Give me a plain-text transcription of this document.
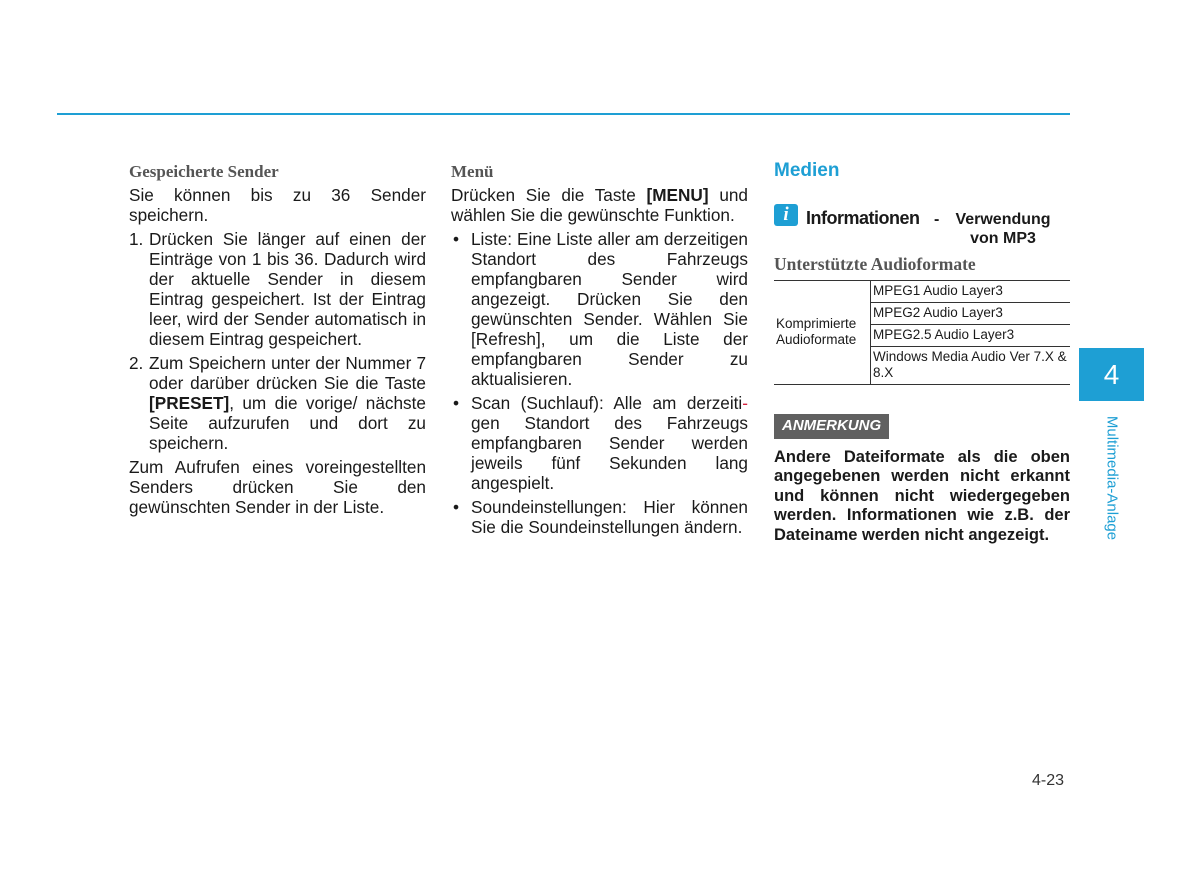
Gespeicherte Sender

Sie können bis zu 36 Sender speichern.

1. Drücken Sie länger auf einen der Einträge von 1 bis 36. Dadurch wird der aktuelle Sender in diesem Eintrag gespeichert. Ist der Eintrag leer, wird der Sender automatisch in diesem Eintrag gespeichert.
2. Zum Speichern unter der Nummer 7 oder darüber drücken Sie die Taste [PRESET], um die vorige/ nächste Seite aufzurufen und dort zu speichern.

Zum Aufrufen eines voreingestellten Senders drücken Sie den gewünschten Sender in der Liste.

Menü

Drücken Sie die Taste [MENU] und wählen Sie die gewünschte Funktion.

• Liste: Eine Liste aller am derzeitigen Standort des Fahrzeugs empfangbaren Sender wird angezeigt. Drücken Sie den gewünschten Sender. Wählen Sie [Refresh], um die Liste der empfangbaren Sender zu aktualisieren.
• Scan (Suchlauf): Alle am derzeiti-gen Standort des Fahrzeugs empfangbaren Sender werden jeweils fünf Sekunden lang angespielt.
• Soundeinstellungen: Hier können Sie die Soundeinstellungen ändern.
Medien
i Informationen -	Verwendung von MP3
Unterstützte Audioformate
Komprimierte Audioformate	MPEG1 Audio Layer3
MPEG2 Audio Layer3
MPEG2.5 Audio Layer3
Windows Media Audio Ver 7.X & 8.X
ANMERKUNG
Andere Dateiformate als die oben angegebenen werden nicht erkannt und können nicht wiedergegeben werden. Informationen wie z.B. der Dateiname werden nicht angezeigt.
4
Multimedia-Anlage
4-23
